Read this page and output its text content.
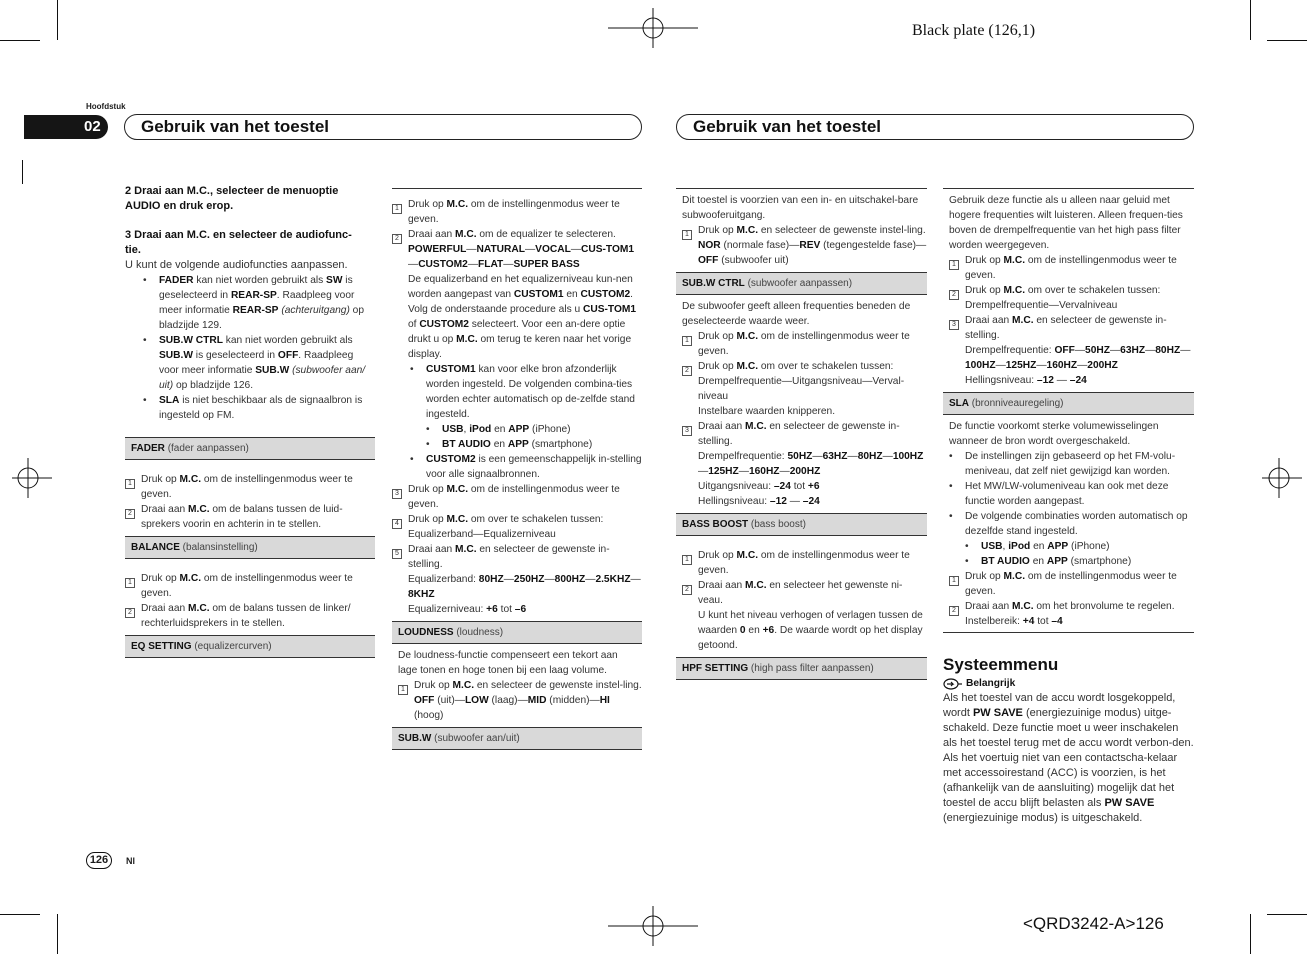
Black plate (126,1)
<QRD3242-A>126
Hoofdstuk
02	Gebruik van het toestel	Gebruik van het toestel

2 Draai aan M.C., selecteer de menuoptie AUDIO en druk erop.

3 Draai aan M.C. en selecteer de audiofunc-

tie.

U kunt de volgende audiofuncties aanpassen.

•	FADER kan niet worden gebruikt als SW is geselecteerd in REAR-SP. Raadpleeg voor meer informatie REAR-SP (achteruitgang) op bladzijde 129.
•	SUB.W CTRL kan niet worden gebruikt als SUB.W is geselecteerd in OFF. Raadpleeg voor meer informatie SUB.W (subwoofer aan/ uit) op bladzijde 126.
•	SLA is niet beschikbaar als de signaalbron is ingesteld op FM.

FADER (fader aanpassen)

1 Druk op M.C. om de instellingenmodus weer te geven.
2 Draai aan M.C. om de balans tussen de luid-sprekers voorin en achterin in te stellen.

BALANCE (balansinstelling)

1 Druk op M.C. om de instellingenmodus weer te geven.
2 Draai aan M.C. om de balans tussen de linker/ rechterluidsprekers in te stellen.

EQ SETTING (equalizercurven)

1 Druk op M.C. om de instellingenmodus weer te geven.
2 Draai aan M.C. om de equalizer te selecteren.
POWERFUL—NATURAL—VOCAL—CUS-TOM1—CUSTOM2—FLAT—SUPER BASS
De equalizerband en het equalizerniveau kun-nen worden aangepast van CUSTOM1 en CUSTOM2.
Volg de onderstaande procedure als u CUS-TOM1 of CUSTOM2 selecteert. Voor een an-dere optie drukt u op M.C. om terug te keren naar het vorige display.
•	CUSTOM1 kan voor elke bron afzonderlijk worden ingesteld. De volgenden combina-ties worden echter automatisch op de-zelfde stand ingesteld.
•	USB, iPod en APP (iPhone)
•	BT AUDIO en APP (smartphone)
•	CUSTOM2 is een gemeenschappelijk in-stelling voor alle signaalbronnen.
3 Druk op M.C. om de instellingenmodus weer te geven.
4 Druk op M.C. om over te schakelen tussen:
Equalizerband—Equalizerniveau
5 Draai aan M.C. en selecteer de gewenste in-stelling.
Equalizerband: 80HZ—250HZ—800HZ—2.5KHZ—8KHZ
Equalizerniveau: +6 tot –6

LOUDNESS (loudness)

De loudness-functie compenseert een tekort aan lage tonen en hoge tonen bij een laag volume.

1 Druk op M.C. en selecteer de gewenste instel-ling.
OFF (uit)—LOW (laag)—MID (midden)—HI (hoog)

SUB.W (subwoofer aan/uit)

Dit toestel is voorzien van een in- en uitschakel-bare subwooferuitgang.

1 Druk op M.C. en selecteer de gewenste instel-ling.
NOR (normale fase)—REV (tegengestelde fase)—OFF (subwoofer uit)

SUB.W CTRL (subwoofer aanpassen)

De subwoofer geeft alleen frequenties beneden de geselecteerde waarde weer.

1 Druk op M.C. om de instellingenmodus weer te geven.
2 Druk op M.C. om over te schakelen tussen:
Drempelfrequentie—Uitgangsniveau—Verval-niveau
Instelbare waarden knipperen.
3 Draai aan M.C. en selecteer de gewenste in-stelling.
Drempelfrequentie: 50HZ—63HZ—80HZ—100HZ—125HZ—160HZ—200HZ
Uitgangsniveau: –24 tot +6
Hellingsniveau: –12 — –24

BASS BOOST (bass boost)

1 Druk op M.C. om de instellingenmodus weer te geven.
2 Draai aan M.C. en selecteer het gewenste ni-veau.
U kunt het niveau verhogen of verlagen tussen de waarden 0 en +6. De waarde wordt op het display getoond.

HPF SETTING (high pass filter aanpassen)

Gebruik deze functie als u alleen naar geluid met hogere frequenties wilt luisteren. Alleen frequen-ties boven de drempelfrequentie van het high pass filter worden weergegeven.

1 Druk op M.C. om de instellingenmodus weer te geven.
2 Druk op M.C. om over te schakelen tussen:
Drempelfrequentie—Vervalniveau
3 Draai aan M.C. en selecteer de gewenste in-stelling.
Drempelfrequentie: OFF—50HZ—63HZ—80HZ—100HZ—125HZ—160HZ—200HZ
Hellingsniveau: –12 — –24

SLA (bronniveauregeling)

De functie voorkomt sterke volumewisselingen wanneer de bron wordt overgeschakeld.

•	De instellingen zijn gebaseerd op het FM-volu-meniveau, dat zelf niet gewijzigd kan worden.
•	Het MW/LW-volumeniveau kan ook met deze functie worden aangepast.
•	De volgende combinaties worden automatisch op dezelfde stand ingesteld.
•	USB, iPod en APP (iPhone)
•	BT AUDIO en APP (smartphone)
1 Druk op M.C. om de instellingenmodus weer te geven.
2 Draai aan M.C. om het bronvolume te regelen.
Instelbereik: +4 tot –4

Systeemmenu

Belangrijk

Als het toestel van de accu wordt losgekoppeld, wordt PW SAVE (energiezuinige modus) uitge-schakeld. Deze functie moet u weer inschakelen als het toestel terug met de accu wordt verbon-den. Als het voertuig niet van een contactscha-kelaar met accessoirestand (ACC) is voorzien, is het (afhankelijk van de aansluiting) mogelijk dat het toestel de accu blijft belasten als PW SAVE (energiezuinige modus) is uitgeschakeld.

126	Nl
